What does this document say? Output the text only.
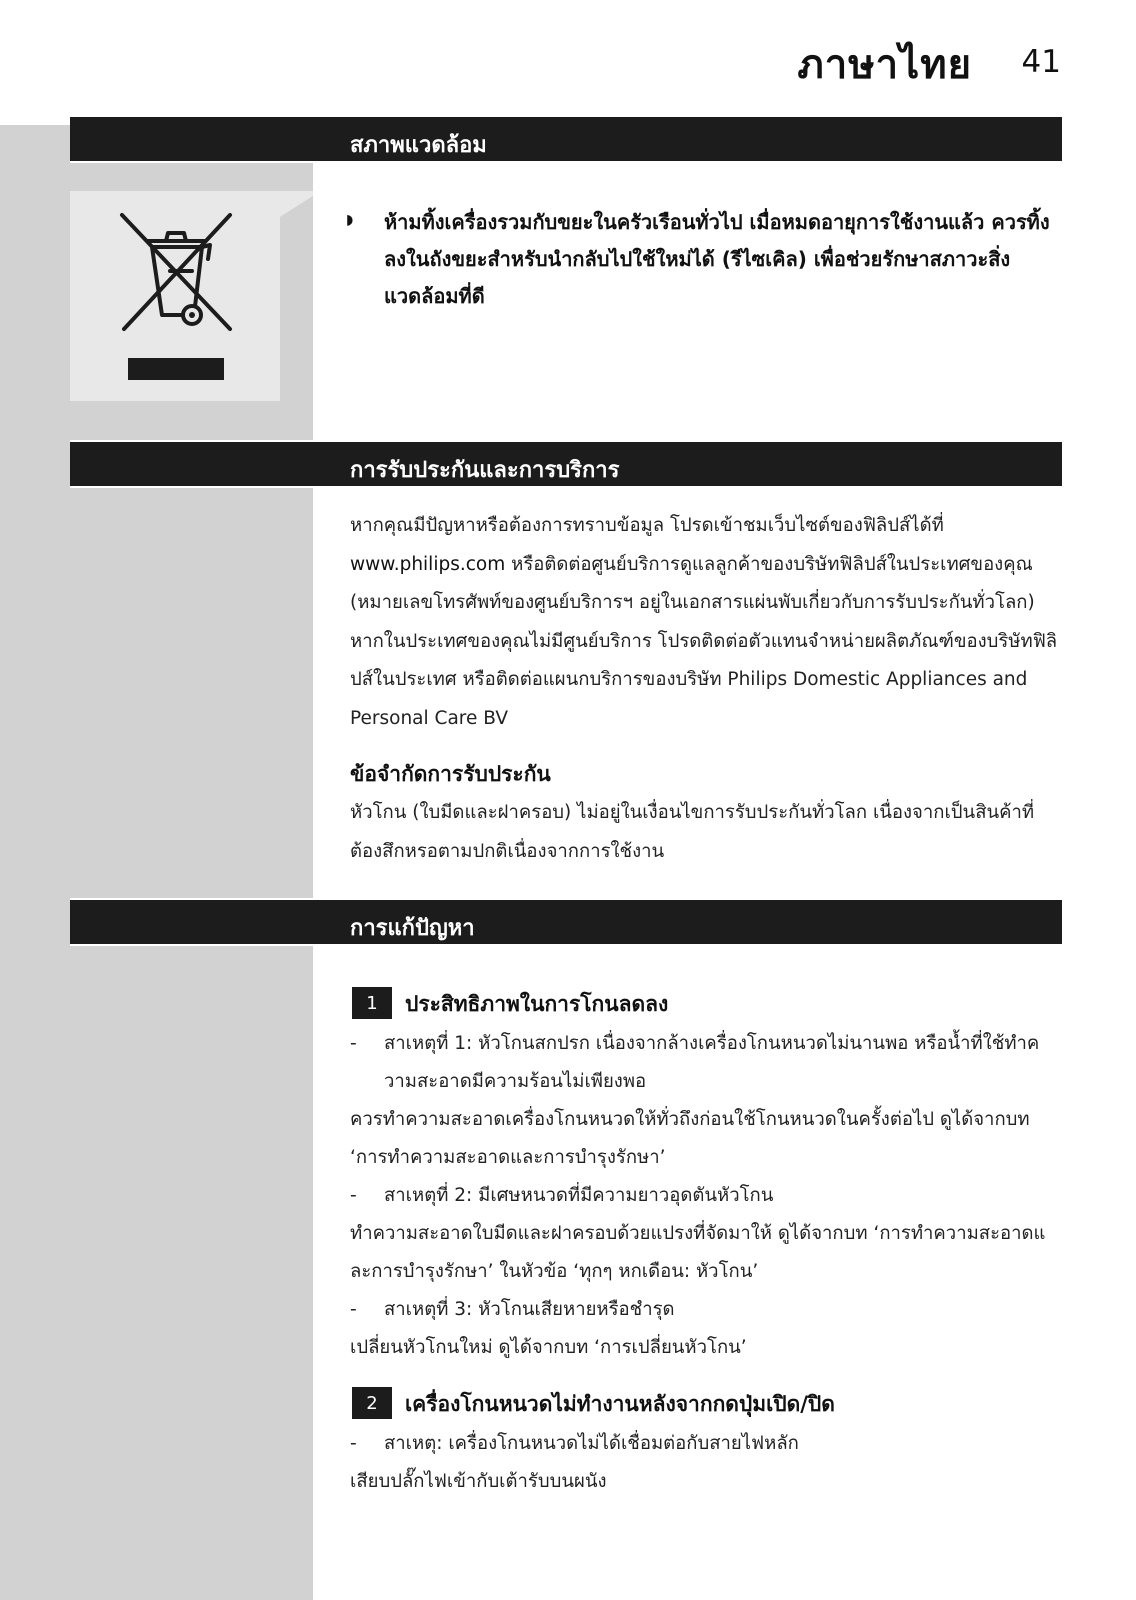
ภาษาไทย 41
สภาพแวดล้อม
◗ ห้ามทิ้งเครื่องรวมกับขยะในครัวเรือนทั่วไป เมื่อหมดอายุการใช้งานแล้ว ควรทิ้งลงในถังขยะสำหรับนำกลับไปใช้ใหม่ได้ (รีไซเคิล) เพื่อช่วยรักษาสภาวะสิ่งแวดล้อมที่ดี
การรับประกันและการบริการ
หากคุณมีปัญหาหรือต้องการทราบข้อมูล โปรดเข้าชมเว็บไซต์ของฟิลิปส์ได้ที่ www.philips.com หรือติดต่อศูนย์บริการดูแลลูกค้าของบริษัทฟิลิปส์ในประเทศของคุณ (หมายเลขโทรศัพท์ของศูนย์บริการฯ อยู่ในเอกสารแผ่นพับเกี่ยวกับการรับประกันทั่วโลก) หากในประเทศของคุณไม่มีศูนย์บริการ โปรดติดต่อตัวแทนจำหน่ายผลิตภัณฑ์ของบริษัทฟิลิปส์ในประเทศ หรือติดต่อแผนกบริการของบริษัท Philips Domestic Appliances and Personal Care BV
ข้อจำกัดการรับประกัน
หัวโกน (ใบมีดและฝาครอบ) ไม่อยู่ในเงื่อนไขการรับประกันทั่วโลก เนื่องจากเป็นสินค้าที่ต้องสึกหรอตามปกติเนื่องจากการใช้งาน
การแก้ปัญหา
1	ประสิทธิภาพในการโกนลดลง
- สาเหตุที่ 1: หัวโกนสกปรก เนื่องจากล้างเครื่องโกนหนวดไม่นานพอ หรือน้ำที่ใช้ทำค
วามสะอาดมีความร้อนไม่เพียงพอ
ควรทำความสะอาดเครื่องโกนหนวดให้ทั่วถึงก่อนใช้โกนหนวดในครั้งต่อไป ดูได้จากบท
‘การทำความสะอาดและการบำรุงรักษา’
- สาเหตุที่ 2: มีเศษหนวดที่มีความยาวอุดตันหัวโกน
ทำความสะอาดใบมีดและฝาครอบด้วยแปรงที่จัดมาให้ ดูได้จากบท ‘การทำความสะอาดแ
ละการบำรุงรักษา’ ในหัวข้อ ‘ทุกๆ หกเดือน: หัวโกน’
- สาเหตุที่ 3: หัวโกนเสียหายหรือชำรุด
เปลี่ยนหัวโกนใหม่ ดูได้จากบท ‘การเปลี่ยนหัวโกน’
2	เครื่องโกนหนวดไม่ทำงานหลังจากกดปุ่มเปิด/ปิด
- สาเหตุ: เครื่องโกนหนวดไม่ได้เชื่อมต่อกับสายไฟหลัก
เสียบปลั๊กไฟเข้ากับเต้ารับบนผนัง
